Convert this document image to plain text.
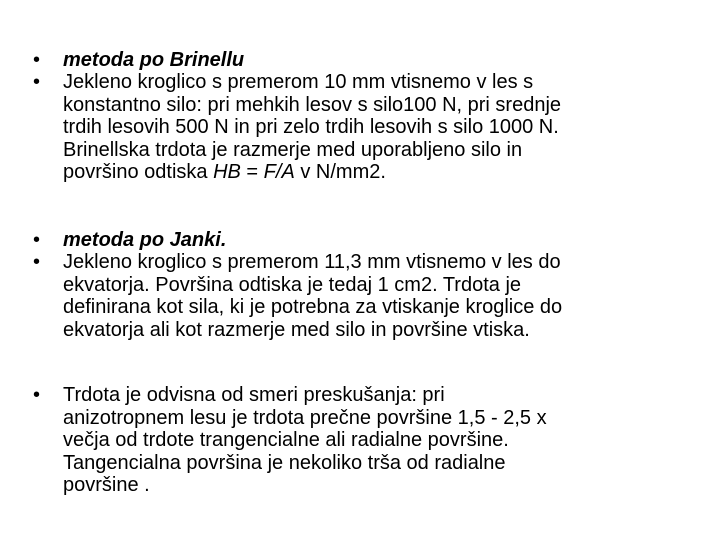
•	metoda po Brinellu
•	Jekleno kroglico s premerom 10 mm vtisnemo v les s
konstantno silo: pri mehkih lesov s silo100 N, pri srednje
trdih lesovih 500 N in pri zelo trdih lesovih s silo 1000 N.
Brinellska trdota je razmerje med uporabljeno silo in
površino odtiska HB = F/A v N/mm2.
•	metoda po Janki.
•	Jekleno kroglico s premerom 11,3 mm vtisnemo v les do
ekvatorja. Površina odtiska je tedaj 1 cm2. Trdota je
definirana kot sila, ki je potrebna za vtiskanje kroglice do
ekvatorja ali kot razmerje med silo in površine vtiska.
•	Trdota je odvisna od smeri preskušanja: pri
anizotropnem lesu je trdota prečne površine 1,5 - 2,5 x
večja od trdote trangencialne ali radialne površine.
Tangencialna površina je nekoliko trša od radialne
površine .
